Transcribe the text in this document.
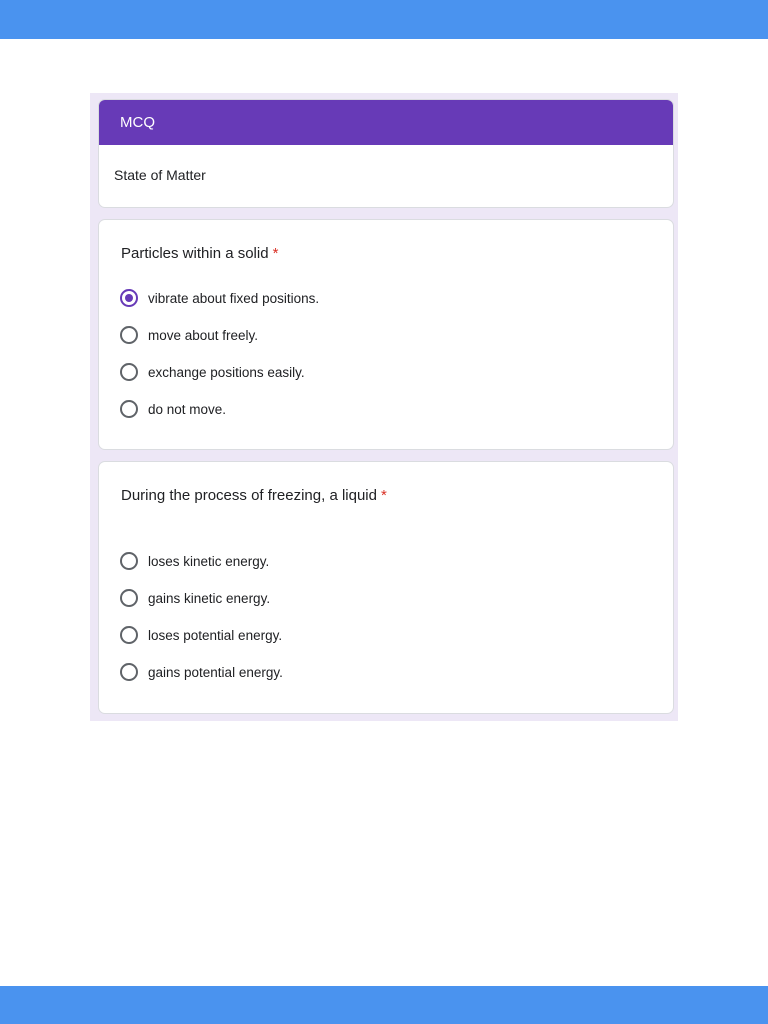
MCQ
State of Matter
Particles within a solid *
vibrate about fixed positions.
move about freely.
exchange positions easily.
do not move.
During the process of freezing, a liquid *
loses kinetic energy.
gains kinetic energy.
loses potential energy.
gains potential energy.
